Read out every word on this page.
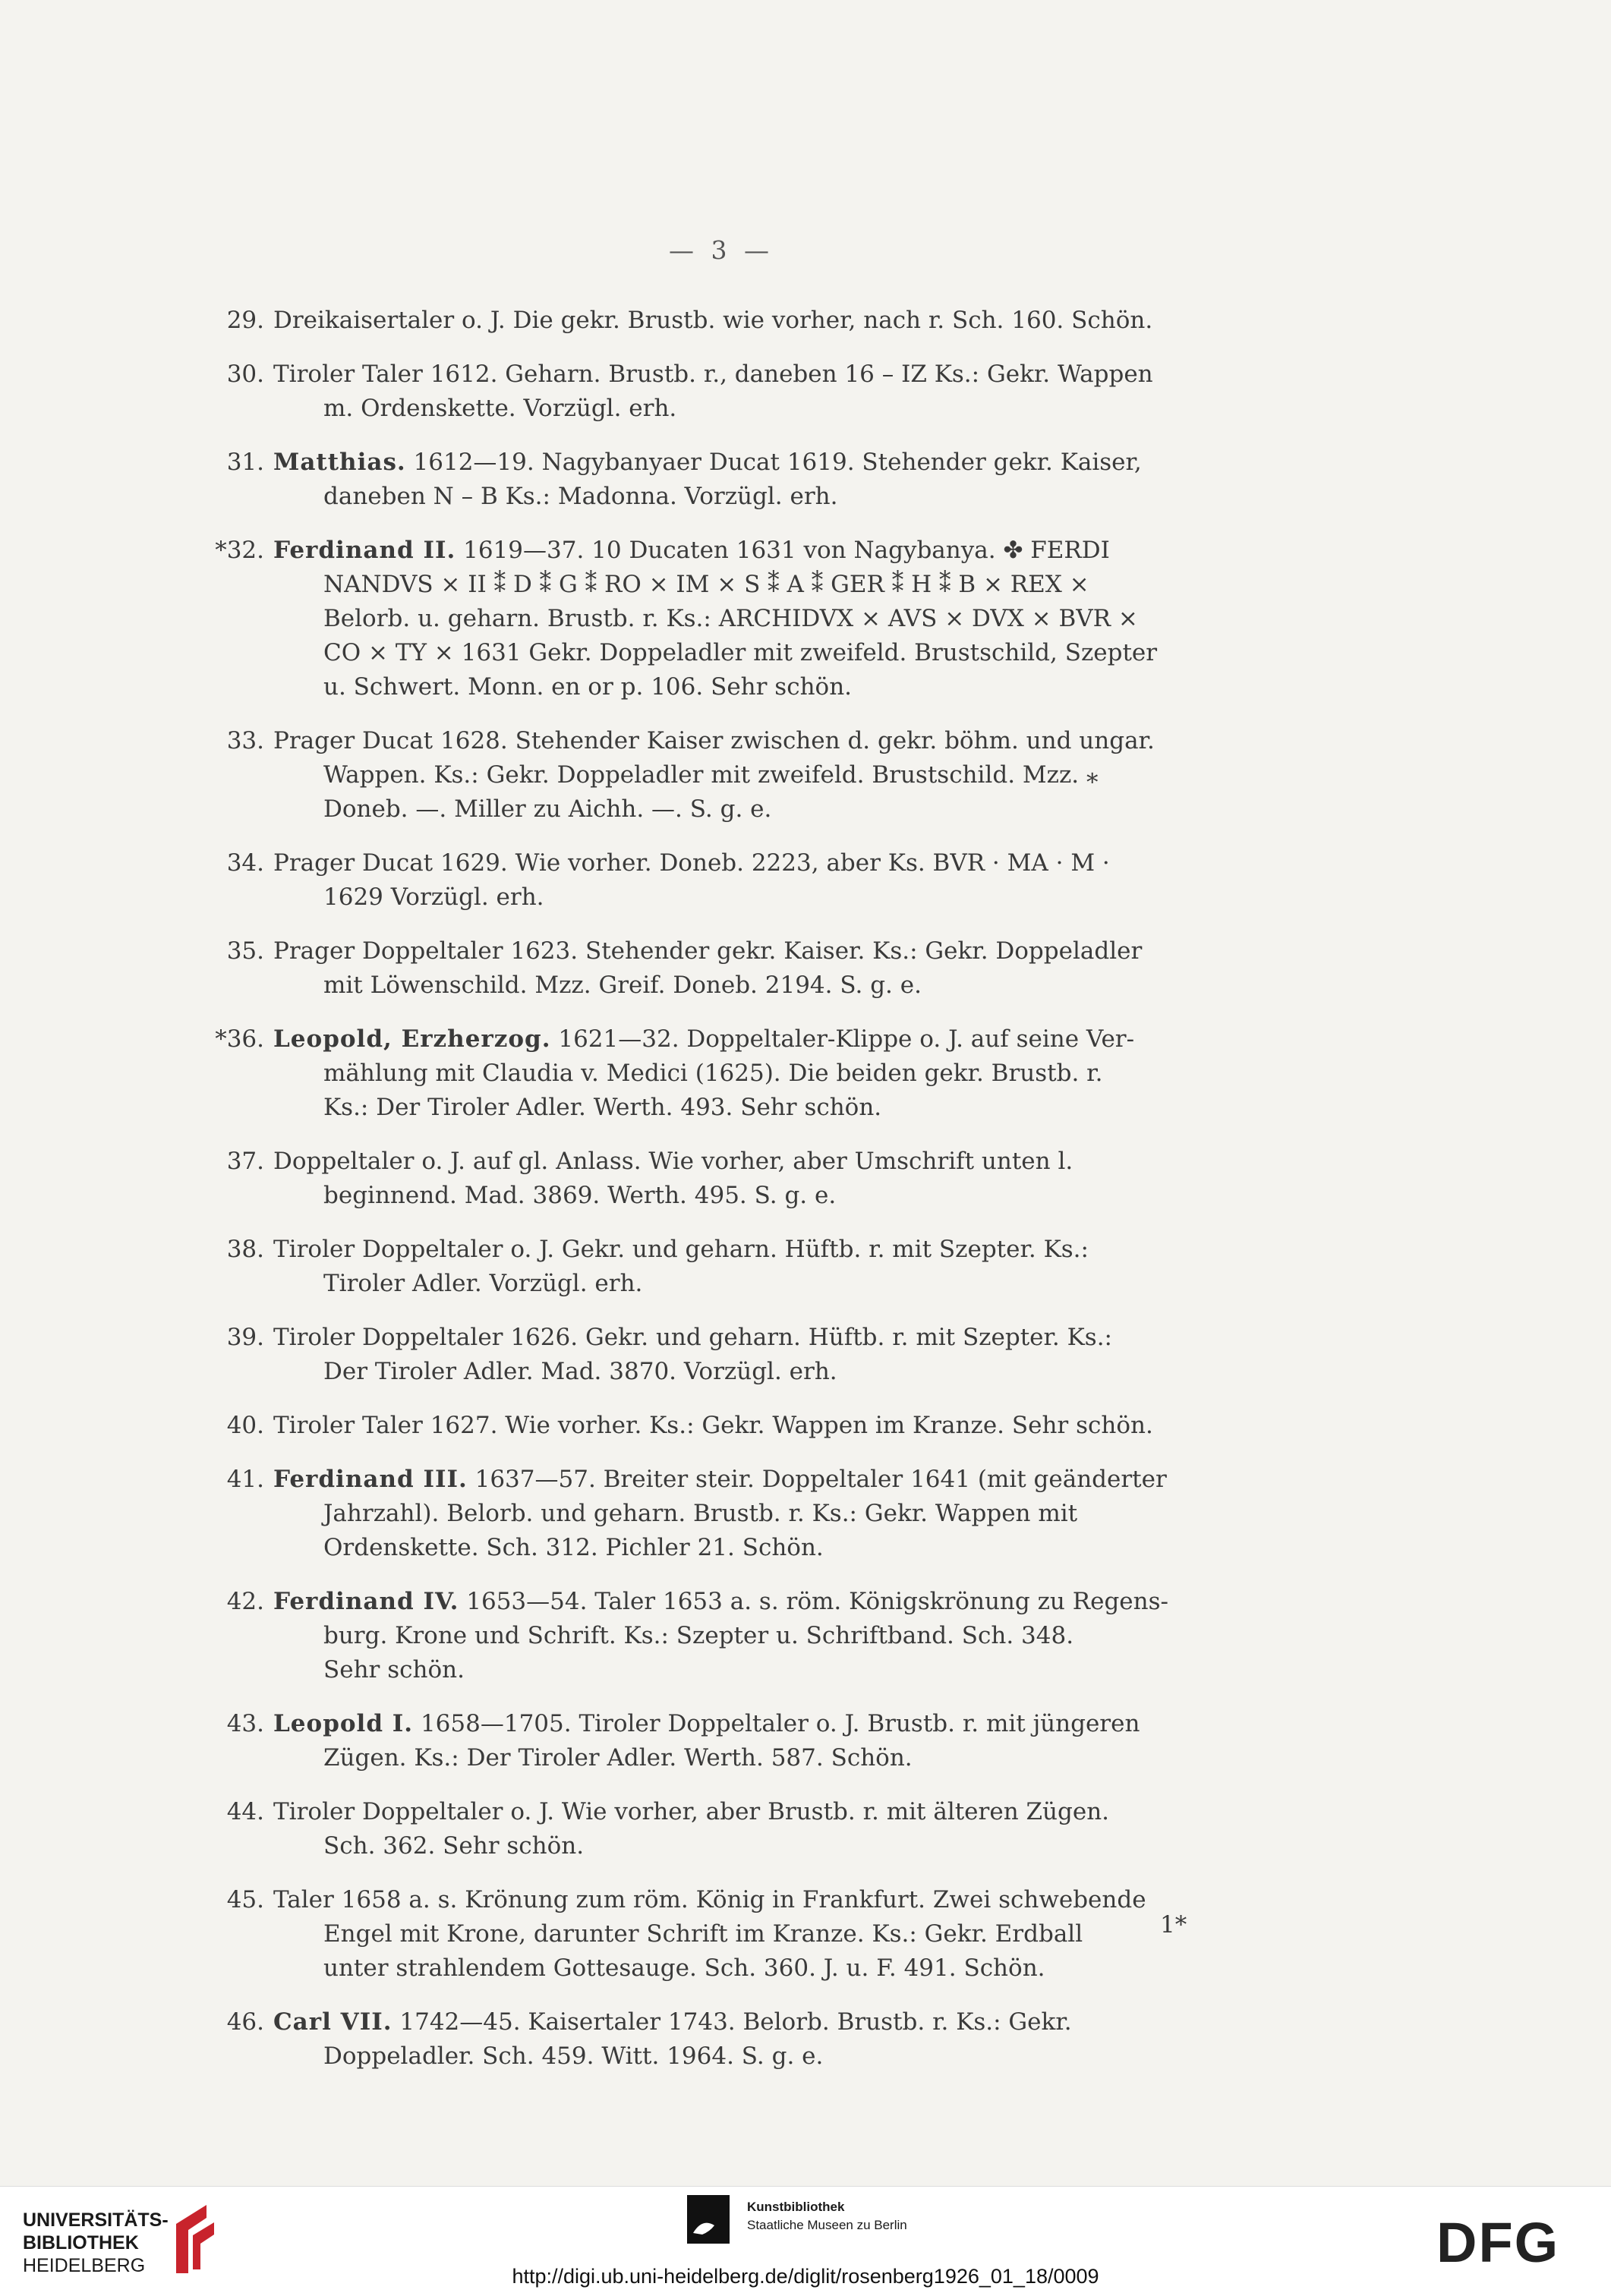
— 3 —
29. Dreikaisertaler o. J. Die gekr. Brustb. wie vorher, nach r. Sch. 160. Schön.
30. Tiroler Taler 1612. Geharn. Brustb. r., daneben 16 – IZ Ks.: Gekr. Wappen
m. Ordenskette. Vorzügl. erh.
31. Matthias. 1612—19. Nagybanyaer Ducat 1619. Stehender gekr. Kaiser,
daneben N – B Ks.: Madonna. Vorzügl. erh.
*32. Ferdinand II. 1619—37. 10 Ducaten 1631 von Nagybanya. ✤ FERDI
NANDVS × II ⁑ D ⁑ G ⁑ RO × IM × S ⁑ A ⁑ GER ⁑ H ⁑ B × REX ×
Belorb. u. geharn. Brustb. r. Ks.: ARCHIDVX × AVS × DVX × BVR ×
CO × TY × 1631 Gekr. Doppeladler mit zweifeld. Brustschild, Szepter
u. Schwert. Monn. en or p. 106. Sehr schön.
33. Prager Ducat 1628. Stehender Kaiser zwischen d. gekr. böhm. und ungar.
Wappen. Ks.: Gekr. Doppeladler mit zweifeld. Brustschild. Mzz. ⁎
Doneb. —. Miller zu Aichh. —. S. g. e.
34. Prager Ducat 1629. Wie vorher. Doneb. 2223, aber Ks. BVR · MA · M ·
1629 Vorzügl. erh.
35. Prager Doppeltaler 1623. Stehender gekr. Kaiser. Ks.: Gekr. Doppeladler
mit Löwenschild. Mzz. Greif. Doneb. 2194. S. g. e.
*36. Leopold, Erzherzog. 1621—32. Doppeltaler-Klippe o. J. auf seine Ver-
mählung mit Claudia v. Medici (1625). Die beiden gekr. Brustb. r.
Ks.: Der Tiroler Adler. Werth. 493. Sehr schön.
37. Doppeltaler o. J. auf gl. Anlass. Wie vorher, aber Umschrift unten l.
beginnend. Mad. 3869. Werth. 495. S. g. e.
38. Tiroler Doppeltaler o. J. Gekr. und geharn. Hüftb. r. mit Szepter. Ks.:
Tiroler Adler. Vorzügl. erh.
39. Tiroler Doppeltaler 1626. Gekr. und geharn. Hüftb. r. mit Szepter. Ks.:
Der Tiroler Adler. Mad. 3870. Vorzügl. erh.
40. Tiroler Taler 1627. Wie vorher. Ks.: Gekr. Wappen im Kranze. Sehr schön.
41. Ferdinand III. 1637—57. Breiter steir. Doppeltaler 1641 (mit geänderter
Jahrzahl). Belorb. und geharn. Brustb. r. Ks.: Gekr. Wappen mit
Ordenskette. Sch. 312. Pichler 21. Schön.
42. Ferdinand IV. 1653—54. Taler 1653 a. s. röm. Königskrönung zu Regens-
burg. Krone und Schrift. Ks.: Szepter u. Schriftband. Sch. 348.
Sehr schön.
43. Leopold I. 1658—1705. Tiroler Doppeltaler o. J. Brustb. r. mit jüngeren
Zügen. Ks.: Der Tiroler Adler. Werth. 587. Schön.
44. Tiroler Doppeltaler o. J. Wie vorher, aber Brustb. r. mit älteren Zügen.
Sch. 362. Sehr schön.
45. Taler 1658 a. s. Krönung zum röm. König in Frankfurt. Zwei schwebende
Engel mit Krone, darunter Schrift im Kranze. Ks.: Gekr. Erdball
unter strahlendem Gottesauge. Sch. 360. J. u. F. 491. Schön.
46. Carl VII. 1742—45. Kaisertaler 1743. Belorb. Brustb. r. Ks.: Gekr.
Doppeladler. Sch. 459. Witt. 1964. S. g. e.
1*
UNIVERSITÄTS-
BIBLIOTHEK
HEIDELBERG
Kunstbibliothek
Staatliche Museen zu Berlin	DFG
http://digi.ub.uni-heidelberg.de/diglit/rosenberg1926_01_18/0009
